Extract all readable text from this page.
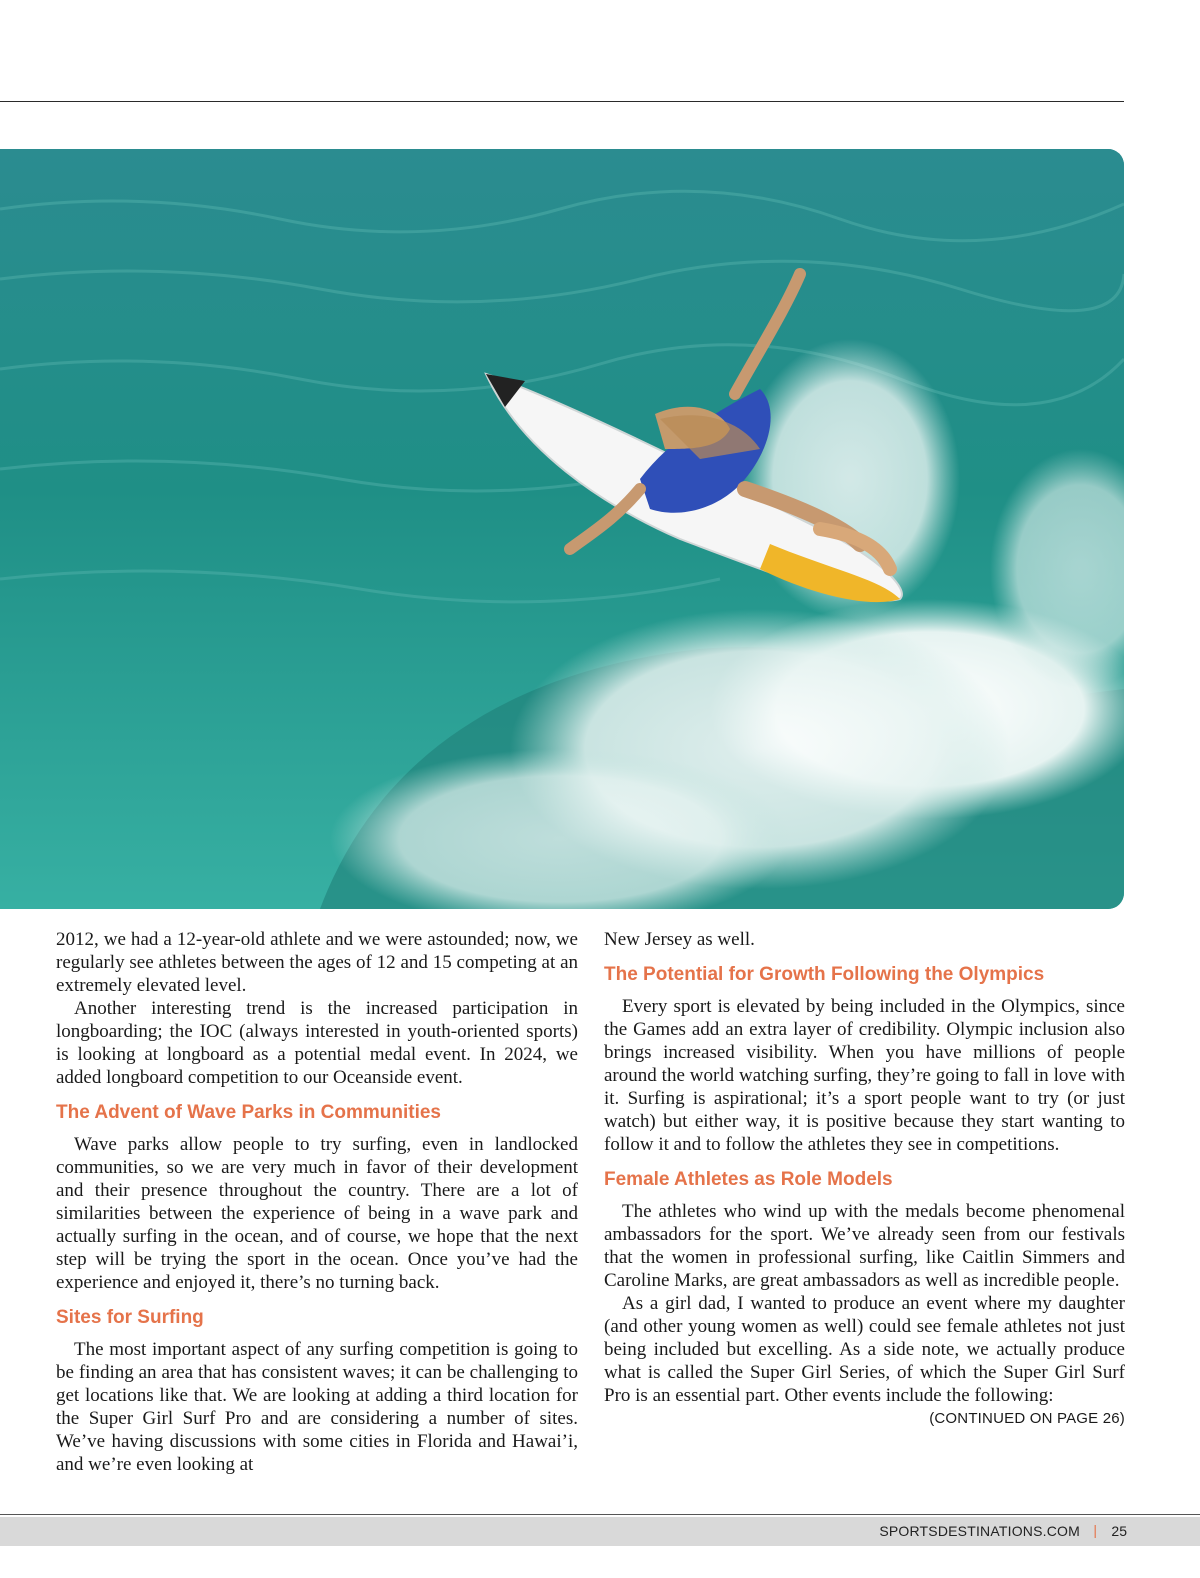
2012, we had a 12-year-old athlete and we were astounded; now, we regularly see athletes between the ages of 12 and 15 competing at an extremely elevated level.

Another interesting trend is the increased participation in longboarding; the IOC (always interested in youth-oriented sports) is looking at longboard as a potential medal event. In 2024, we added longboard competition to our Oceanside event.

The Advent of Wave Parks in Communities

Wave parks allow people to try surfing, even in landlocked communities, so we are very much in favor of their development and their presence throughout the country. There are a lot of similarities between the experience of being in a wave park and actually surfing in the ocean, and of course, we hope that the next step will be trying the sport in the ocean. Once you’ve had the experience and enjoyed it, there’s no turning back.

Sites for Surfing

The most important aspect of any surfing competition is going to be finding an area that has consistent waves; it can be challenging to get locations like that. We are looking at adding a third location for the Super Girl Surf Pro and are considering a number of sites. We’ve having discussions with some cities in Florida and Hawai’i, and we’re even looking at

New Jersey as well.

The Potential for Growth Following the Olympics

Every sport is elevated by being included in the Olympics, since the Games add an extra layer of credibility. Olympic inclusion also brings increased visibility. When you have millions of people around the world watching surfing, they’re going to fall in love with it. Surfing is aspirational; it’s a sport people want to try (or just watch) but either way, it is positive because they start wanting to follow it and to follow the athletes they see in competitions.

Female Athletes as Role Models

The athletes who wind up with the medals become phenomenal ambassadors for the sport. We’ve already seen from our festivals that the women in professional surfing, like Caitlin Simmers and Caroline Marks, are great ambassadors as well as incredible people.

As a girl dad, I wanted to produce an event where my daughter (and other young women as well) could see female athletes not just being included but excelling. As a side note, we actually produce what is called the Super Girl Series, of which the Super Girl Surf Pro is an essential part. Other events include the following:
(CONTINUED ON PAGE 26)

SPORTSDESTINATIONS.COM | 25
